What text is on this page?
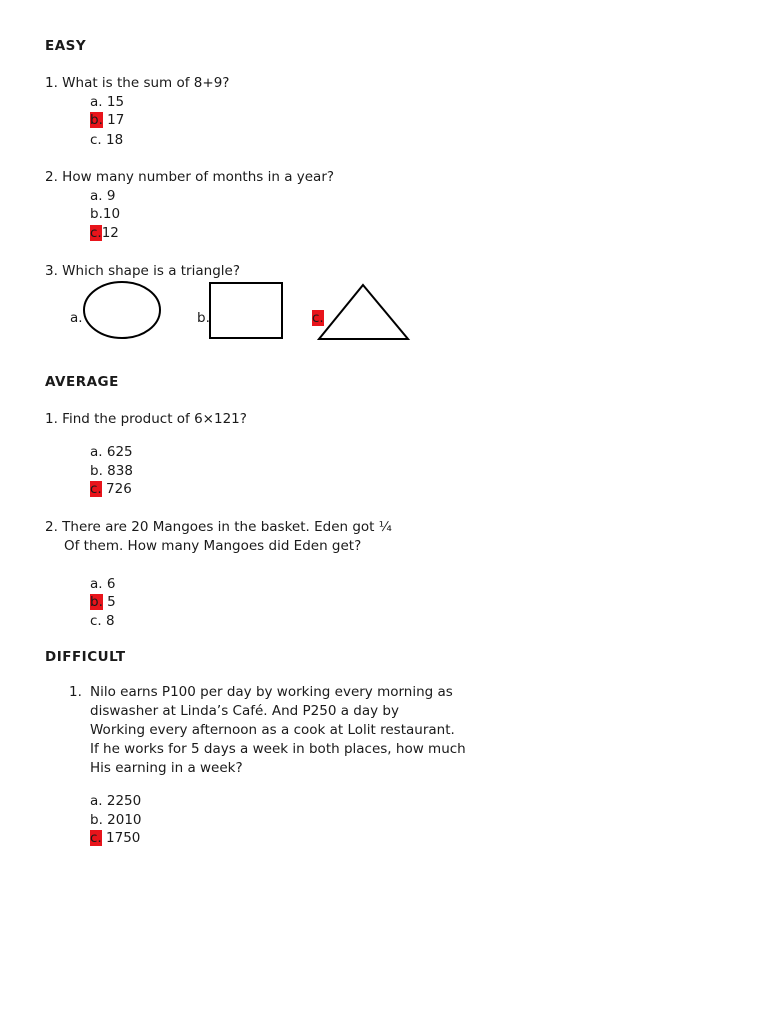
EASY
1. What is the sum of 8+9?
a. 15
b. 17
c. 18
2. How many number of months in a year?
a. 9
b.10
c.12
3. Which shape is a triangle?
a.	b.	c.
AVERAGE
1. Find the product of 6×121?
a. 625
b. 838
c. 726
2. There are 20 Mangoes in the basket. Eden got ¼
Of them. How many Mangoes did Eden get?
a. 6
b. 5
c. 8
DIFFICULT
1. Nilo earns P100 per day by working every morning as
diswasher at Linda’s Café. And P250 a day by
Working every afternoon as a cook at Lolit restaurant.
If he works for 5 days a week in both places, how much
His earning in a week?
a. 2250
b. 2010
c. 1750
